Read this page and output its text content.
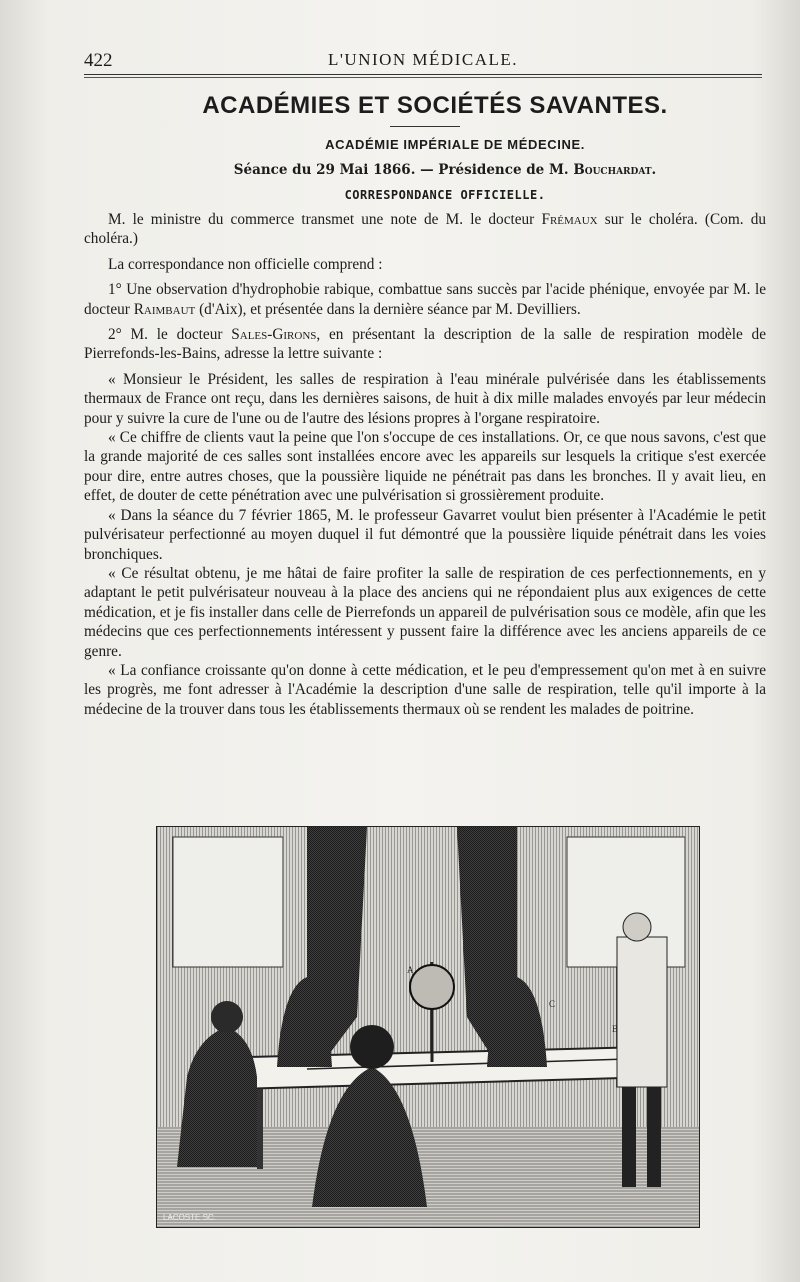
422	L'UNION MÉDICALE.
ACADÉMIES ET SOCIÉTÉS SAVANTES.
ACADÉMIE IMPÉRIALE DE MÉDECINE.
Séance du 29 Mai 1866. — Présidence de M. Bouchardat.
CORRESPONDANCE OFFICIELLE.

M. le ministre du commerce transmet une note de M. le docteur Frémaux sur le choléra. (Com. du choléra.)

La correspondance non officielle comprend :

1° Une observation d'hydrophobie rabique, combattue sans succès par l'acide phénique, envoyée par M. le docteur Raimbaut (d'Aix), et présentée dans la dernière séance par M. Devilliers.

2° M. le docteur Sales-Girons, en présentant la description de la salle de respiration modèle de Pierrefonds-les-Bains, adresse la lettre suivante :

« Monsieur le Président, les salles de respiration à l'eau minérale pulvérisée dans les établissements thermaux de France ont reçu, dans les dernières saisons, de huit à dix mille malades envoyés par leur médecin pour y suivre la cure de l'une ou de l'autre des lésions propres à l'organe respiratoire.

« Ce chiffre de clients vaut la peine que l'on s'occupe de ces installations. Or, ce que nous savons, c'est que la grande majorité de ces salles sont installées encore avec les appareils sur lesquels la critique s'est exercée pour dire, entre autres choses, que la poussière liquide ne pénétrait pas dans les bronches. Il y avait lieu, en effet, de douter de cette pénétration avec une pulvérisation si grossièrement produite.

« Dans la séance du 7 février 1865, M. le professeur Gavarret voulut bien présenter à l'Académie le petit pulvérisateur perfectionné au moyen duquel il fut démontré que la poussière liquide pénétrait dans les voies bronchiques.

« Ce résultat obtenu, je me hâtai de faire profiter la salle de respiration de ces perfectionnements, en y adaptant le petit pulvérisateur nouveau à la place des anciens qui ne répondaient plus aux exigences de cette médication, et je fis installer dans celle de Pierrefonds un appareil de pulvérisation sous ce modèle, afin que les médecins que ces perfectionnements intéressent y pussent faire la différence avec les anciens appareils de ce genre.

« La confiance croissante qu'on donne à cette médication, et le peu d'empressement qu'on met à en suivre les progrès, me font adresser à l'Académie la description d'une salle de respiration, telle qu'il importe à la médecine de la trouver dans tous les établissements thermaux où se rendent les malades de poitrine.

A
B
C
LACOSTE SC.
